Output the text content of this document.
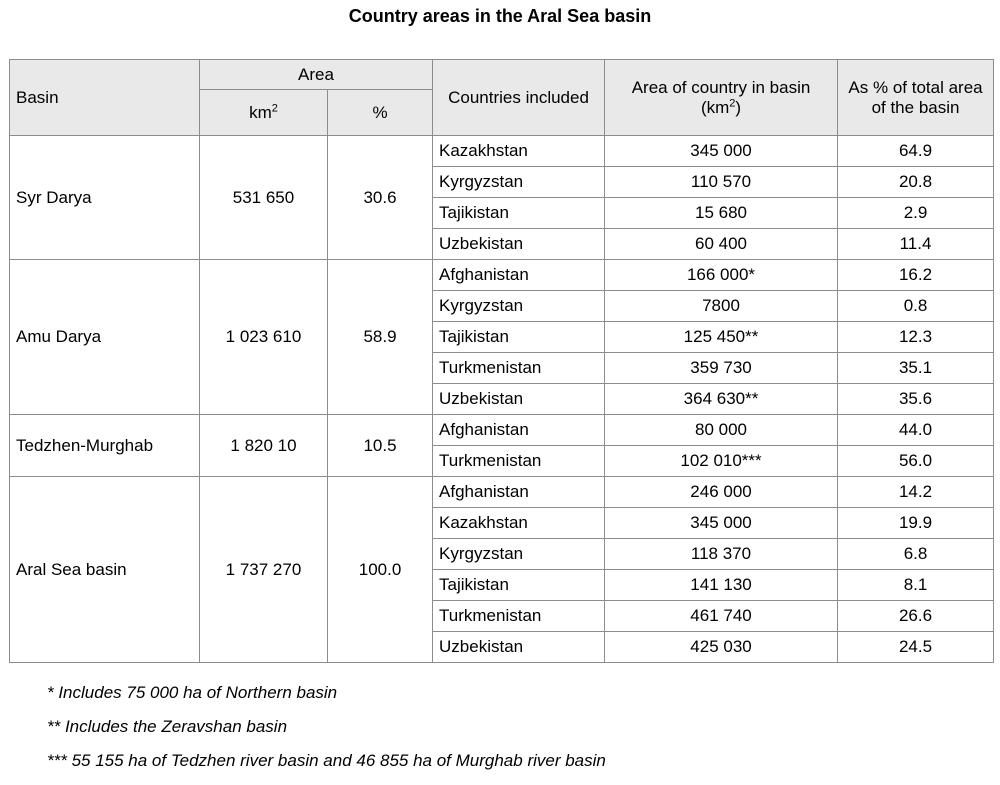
Country areas in the Aral Sea basin
Basin	Area		Countries included	Area of country in basin $(km^2)$	As % of total area of the basin
	$km^2$	%			
Syr Darya	531 650	30.6	Kazakhstan	345 000	64.9
			Kyrgyzstan	110 570	20.8
			Tajikistan	15 680	2.9
			Uzbekistan	60 400	11.4
Amu Darya	1 023 610	58.9	Afghanistan	166 000*	16.2
			Kyrgyzstan	7800	0.8
			Tajikistan	125 450**	12.3
			Turkmenistan	359 730	35.1
			Uzbekistan	364 630**	35.6
Tedzhen-Murghab	1 820 10	10.5	Afghanistan	80 000	44.0
			Turkmenistan	102 010***	56.0
Aral Sea basin	1 737 270	100.0	Afghanistan	246 000	14.2
			Kazakhstan	345 000	19.9
			Kyrgyzstan	118 370	6.8
			Tajikistan	141 130	8.1
			Turkmenistan	461 740	26.6
			Uzbekistan	425 030	24.5
* Includes 75 000 ha of Northern basin
** Includes the Zeravshan basin
*** 55 155 ha of Tedzhen river basin and 46 855 ha of Murghab river basin
